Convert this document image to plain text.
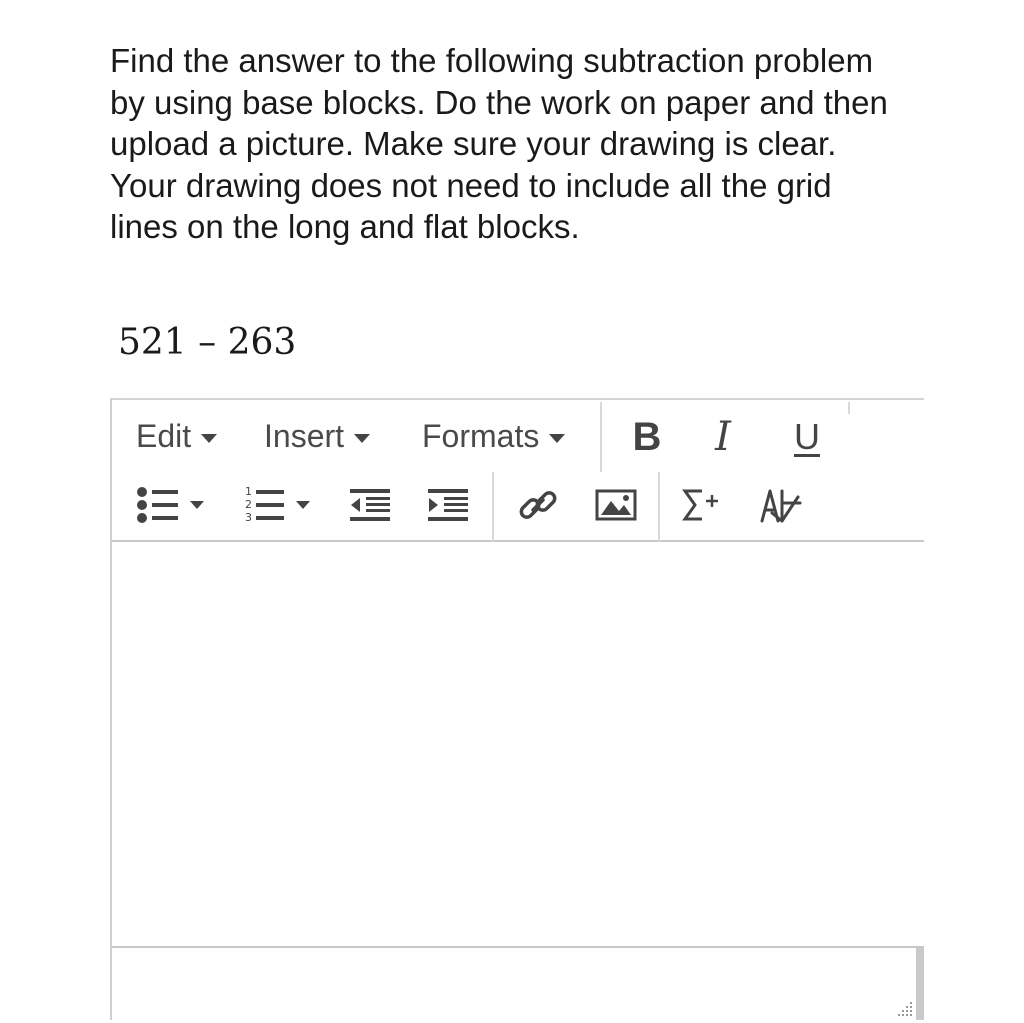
Find the answer to the following subtraction problem by using base blocks. Do the work on paper and then upload a picture. Make sure your drawing is clear. Your drawing does not need to include all the grid lines on the long and flat blocks.

521 – 263
Edit Insert Formats B I U
1
2
3
